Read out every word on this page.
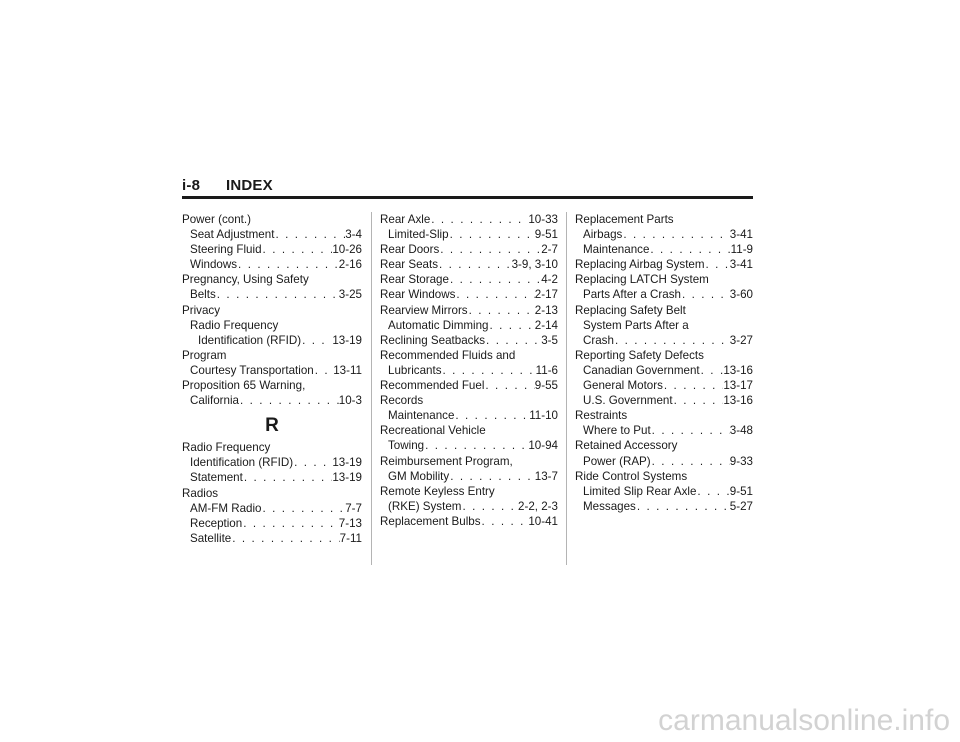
i-8 INDEX
Power (cont.)
Seat Adjustment . . .	3-4
Steering Fluid . . .	10-26
Windows . . .	2-16
Pregnancy, Using Safety
Belts . . .	3-25
Privacy
Radio Frequency
Identification (RFID) . . .	13-19
Program
Courtesy Transportation . . . 13-11
Proposition 65 Warning,
California . . .	10-3
R
Radio Frequency
Identification (RFID) . . .	13-19
Statement . . .	13-19
Radios
AM-FM Radio . . .	7-7
Reception . . .	7-13
Satellite . . .	7-11
Rear Axle . . .	10-33
Limited-Slip . . .	9-51
Rear Doors . . .	2-7
Rear Seats . . .	3-9, 3-10
Rear Storage . . .	4-2
Rear Windows . . .	2-17
Rearview Mirrors . . .	2-13
Automatic Dimming . . .	2-14
Reclining Seatbacks . . .	3-5
Recommended Fluids and
Lubricants . . .	11-6
Recommended Fuel . . .	9-55
Records
Maintenance . . .	11-10
Recreational Vehicle
Towing . . .	10-94
Reimbursement Program,
GM Mobility . . .	13-7
Remote Keyless Entry
(RKE) System . . .	2-2, 2-3
Replacement Bulbs . . .	10-41
Replacement Parts
Airbags . . .	3-41
Maintenance . . .	11-9
Replacing Airbag System . . . 3-41
Replacing LATCH System
Parts After a Crash . . .	3-60
Replacing Safety Belt
System Parts After a
Crash . . .	3-27
Reporting Safety Defects
Canadian Government . . . 13-16
General Motors . . .	13-17
U.S. Government . . .	13-16
Restraints
Where to Put . . .	3-48
Retained Accessory
Power (RAP) . . .	9-33
Ride Control Systems
Limited Slip Rear Axle . . .	9-51
Messages . . .	5-27
carmanualsonline.info
